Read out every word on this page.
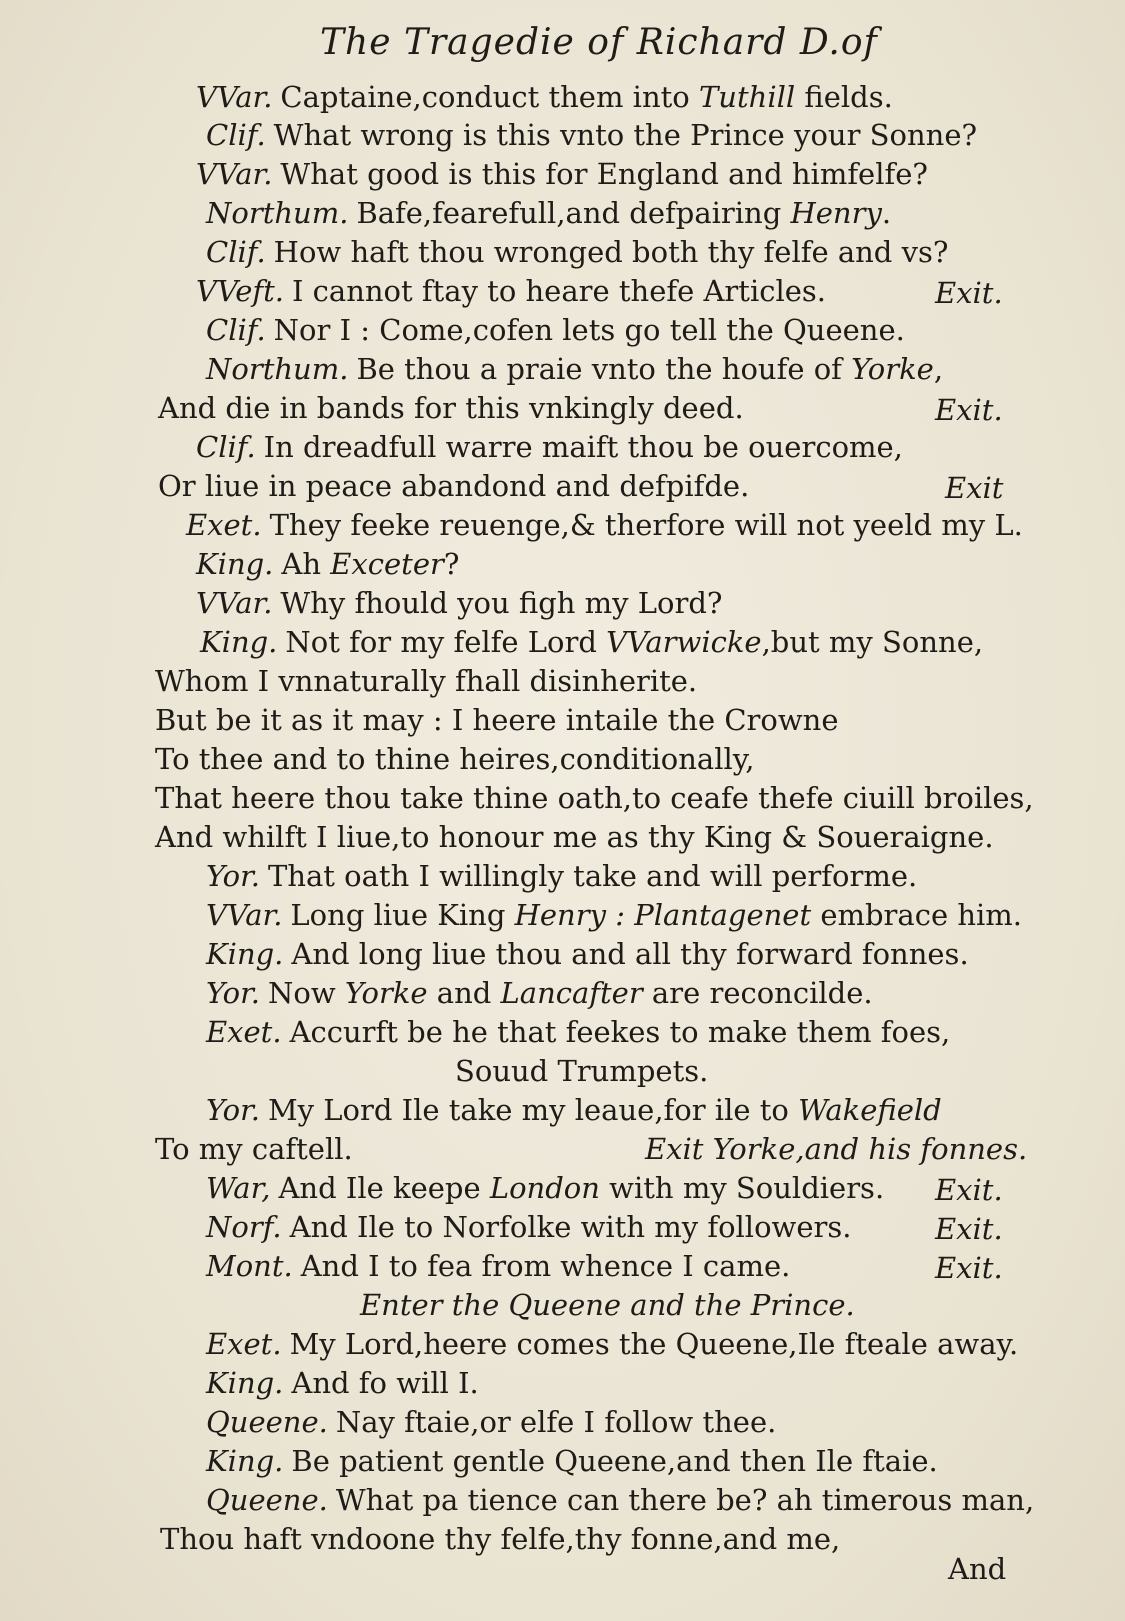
The Tragedie of Richard D.of
VVar. Captaine,conduct them into Tuthill fields.
Clif. What wrong is this vnto the Prince your Sonne?
VVar. What good is this for England and himfelfe?
Northum. Bafe,fearefull,and defpairing Henry.
Clif. How haft thou wronged both thy felfe and vs?
VVeft. I cannot ftay to heare thefe Articles.	Exit.
Clif. Nor I : Come,cofen lets go tell the Queene.
Northum. Be thou a praie vnto the houfe of Yorke,
And die in bands for this vnkingly deed.	Exit.
Clif. In dreadfull warre maift thou be ouercome,
Or liue in peace abandond and defpifde.	Exit
Exet. They feeke reuenge,& therfore will not yeeld my L.
King. Ah Exceter?
VVar. Why fhould you figh my Lord?
King. Not for my felfe Lord VVarwicke,but my Sonne,
Whom I vnnaturally fhall disinherite.
But be it as it may : I heere intaile the Crowne
To thee and to thine heires,conditionally,
That heere thou take thine oath,to ceafe thefe ciuill broiles,
And whilft I liue,to honour me as thy King & Soueraigne.
Yor. That oath I willingly take and will performe.
VVar. Long liue King Henry : Plantagenet embrace him.
King. And long liue thou and all thy forward fonnes.
Yor. Now Yorke and Lancafter are reconcilde.
Exet. Accurft be he that feekes to make them foes,
Souud Trumpets.
Yor. My Lord Ile take my leaue,for ile to Wakefield
To my caftell.	Exit Yorke,and his fonnes.
War, And Ile keepe London with my Souldiers. Exit.
Norf. And Ile to Norfolke with my followers.	Exit.
Mont. And I to fea from whence I came.	Exit.
Enter the Queene and the Prince.
Exet. My Lord,heere comes the Queene,Ile fteale away.
King. And fo will I.
Queene. Nay ftaie,or elfe I follow thee.
King. Be patient gentle Queene,and then Ile ftaie.
Queene. What pa tience can there be? ah timerous man,
Thou haft vndoone thy felfe,thy fonne,and me,
And
